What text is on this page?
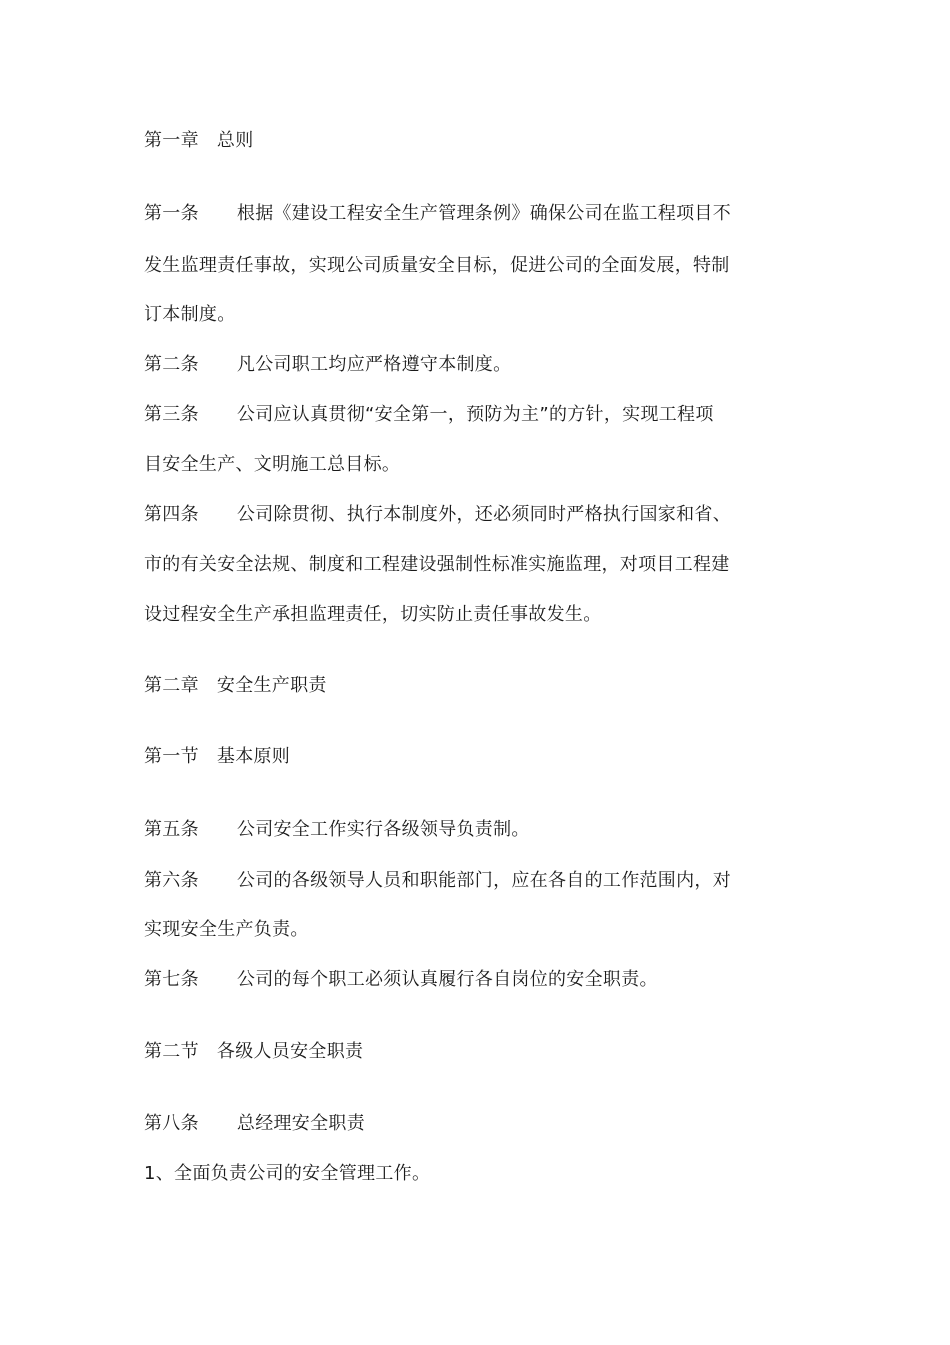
第一章 总则
第一条 根据《建设工程安全生产管理条例》确保公司在监工程项目不
发生监理责任事故，实现公司质量安全目标，促进公司的全面发展，特制
订本制度。
第二条 凡公司职工均应严格遵守本制度。
第三条 公司应认真贯彻“安全第一，预防为主”的方针，实现工程项
目安全生产、文明施工总目标。
第四条 公司除贯彻、执行本制度外，还必须同时严格执行国家和省、
市的有关安全法规、制度和工程建设强制性标准实施监理，对项目工程建
设过程安全生产承担监理责任，切实防止责任事故发生。
第二章 安全生产职责
第一节 基本原则
第五条 公司安全工作实行各级领导负责制。
第六条 公司的各级领导人员和职能部门，应在各自的工作范围内，对
实现安全生产负责。
第七条 公司的每个职工必须认真履行各自岗位的安全职责。
第二节 各级人员安全职责
第八条 总经理安全职责
1、全面负责公司的安全管理工作。
